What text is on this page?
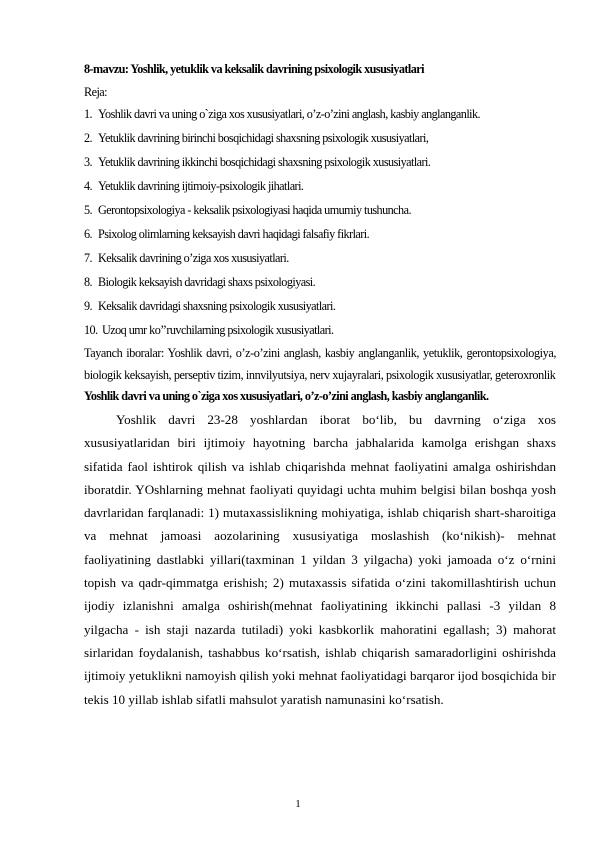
8-mavzu: Yoshlik, yetuklik va keksalik davrining psixologik xususiyatlari
Reja:
1. Yoshlik davri va uning o`ziga xos xususiyatlari, o’z-o’zini anglash, kasbiy anglanganlik.
2. Yetuklik davrining birinchi bosqichidagi shaxsning psixologik xususiyatlari,
3. Yetuklik davrining ikkinchi bosqichidagi shaxsning psixologik xususiyatlari.
4. Yetuklik davrining ijtimoiy-psixologik jihatlari.
5. Gerontopsixologiya - keksalik psixologiyasi haqida umumiy tushuncha.
6. Psixolog olimlarning keksayish davri haqidagi falsafiy fikrlari.
7. Keksalik davrining o’ziga xos xususiyatlari.
8. Biologik keksayish davridagi shaxs psixologiyasi.
9. Keksalik davridagi shaxsning psixologik xususiyatlari.
10. Uzoq umr ko’’ruvchilarning psixologik xususiyatlari.
Tayanch iboralar: Yoshlik davri, o’z-o’zini anglash, kasbiy anglanganlik, yetuklik, gerontopsixologiya, biologik keksayish, perseptiv tizim, innvilyutsiya, nerv xujayralari, psixologik xususiyatlar, geteroxronlik
Yoshlik davri va uning o`ziga xos xususiyatlari, o’z-o’zini anglash, kasbiy anglanganlik.
Yoshlik davri 23-28 yoshlardan iborat bo‘lib, bu davrning o‘ziga xos xususiyatlaridan biri ijtimoiy hayotning barcha jabhalarida kamolga erishgan shaxs sifatida faol ishtirok qilish va ishlab chiqarishda mehnat faoliyatini amalga oshirishdan iboratdir. YOshlarning mehnat faoliyati quyidagi uchta muhim belgisi bilan boshqa yosh davrlaridan farqlanadi: 1) mutaxassislikning mohiyatiga, ishlab chiqarish shart-sharoitiga va mehnat jamoasi aozolarining xususiyatiga moslashish (ko‘nikish)- mehnat faoliyatining dastlabki yillari(taxminan 1 yildan 3 yilgacha) yoki jamoada o‘z o‘rnini topish va qadr-qimmatga erishish; 2) mutaxassis sifatida o‘zini takomillashtirish uchun ijodiy izlanishni amalga oshirish(mehnat faoliyatining ikkinchi pallasi -3 yildan 8 yilgacha - ish staji nazarda tutiladi) yoki kasbkorlik mahoratini egallash; 3) mahorat sirlaridan foydalanish, tashabbus ko‘rsatish, ishlab chiqarish samaradorligini oshirishda ijtimoiy yetuklikni namoyish qilish yoki mehnat faoliyatidagi barqaror ijod bosqichida bir tekis 10 yillab ishlab sifatli mahsulot yaratish namunasini ko‘rsatish.
1
